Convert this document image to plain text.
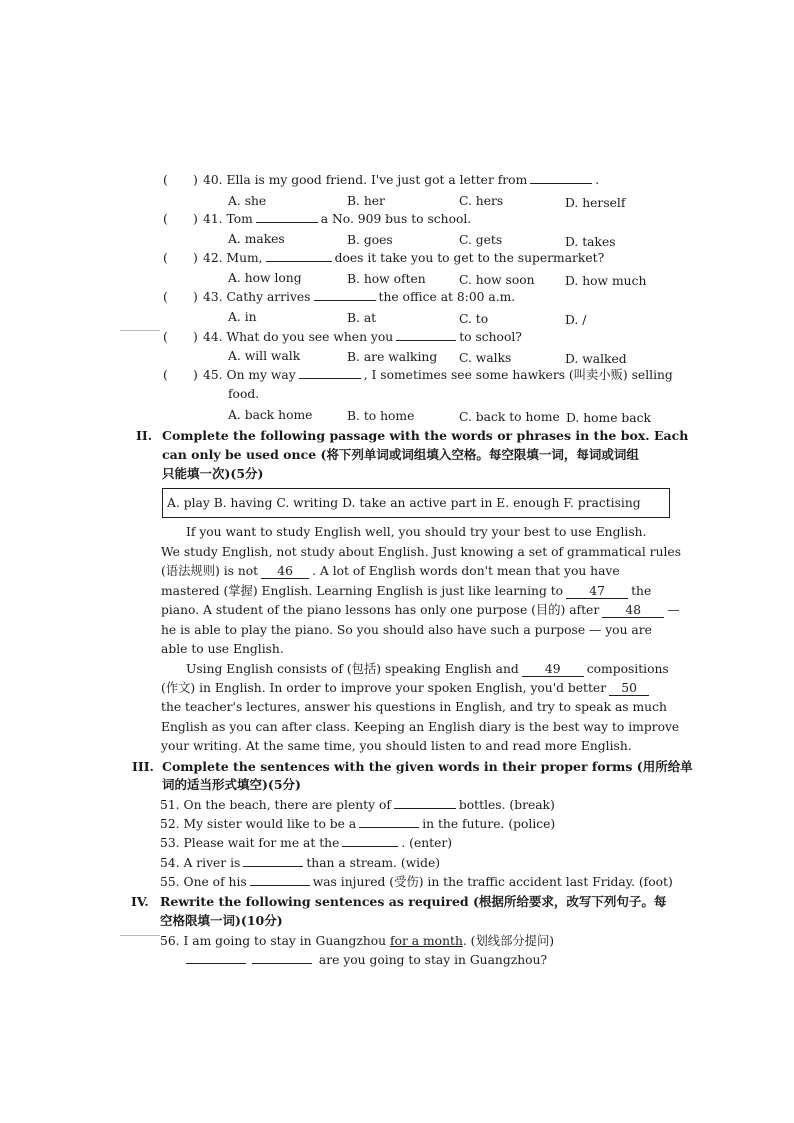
( ) 40. Ella is my good friend. I've just got a letter from	.
A. she	B. her	C. hers	D. herself
( ) 41. Tom	a No. 909 bus to school.
A. makes	B. goes	C. gets	D. takes
( ) 42. Mum,	does it take you to get to the supermarket?
A. how long	B. how often	C. how soon D. how much
( ) 43. Cathy arrives	the office at 8:00 a.m.
A. in	B. at	C. to	D. /
( ) 44. What do you see when you	to school?
A. will walk	B. are walking C. walks	D. walked
( ) 45. On my way	, I sometimes see some hawkers (叫卖小贩) selling
food.
A. back home	B. to home	C. back to home D. home back
II. Complete the following passage with the words or phrases in the box. Each
can only be used once (将下列单词或词组填入空格。每空限填一词，每词或词组
只能填一次)(5分)
A. play B. having C. writing D. take an active part in E. enough F. practising
If you want to study English well, you should try your best to use English.
We study English, not study about English. Just knowing a set of grammatical rules
(语法规则) is not 46 . A lot of English words don't mean that you have
mastered (掌握) English. Learning English is just like learning to 47 the
piano. A student of the piano lessons has only one purpose (目的) after 48 —
he is able to play the piano. So you should also have such a purpose — you are
able to use English.
Using English consists of (包括) speaking English and 49 compositions
(作文) in English. In order to improve your spoken English, you'd better 50
the teacher's lectures, answer his questions in English, and try to speak as much
English as you can after class. Keeping an English diary is the best way to improve
your writing. At the same time, you should listen to and read more English.
III. Complete the sentences with the given words in their proper forms (用所给单
词的适当形式填空)(5分)
51. On the beach, there are plenty of	bottles. (break)
52. My sister would like to be a	in the future. (police)
53. Please wait for me at the	. (enter)
54. A river is	than a stream. (wide)
55. One of his	was injured (受伤) in the traffic accident last Friday. (foot)
IV. Rewrite the following sentences as required (根据所给要求，改写下列句子。每
空格限填一词)(10分)
56. I am going to stay in Guangzhou for a month. (划线部分提问)
are you going to stay in Guangzhou?
